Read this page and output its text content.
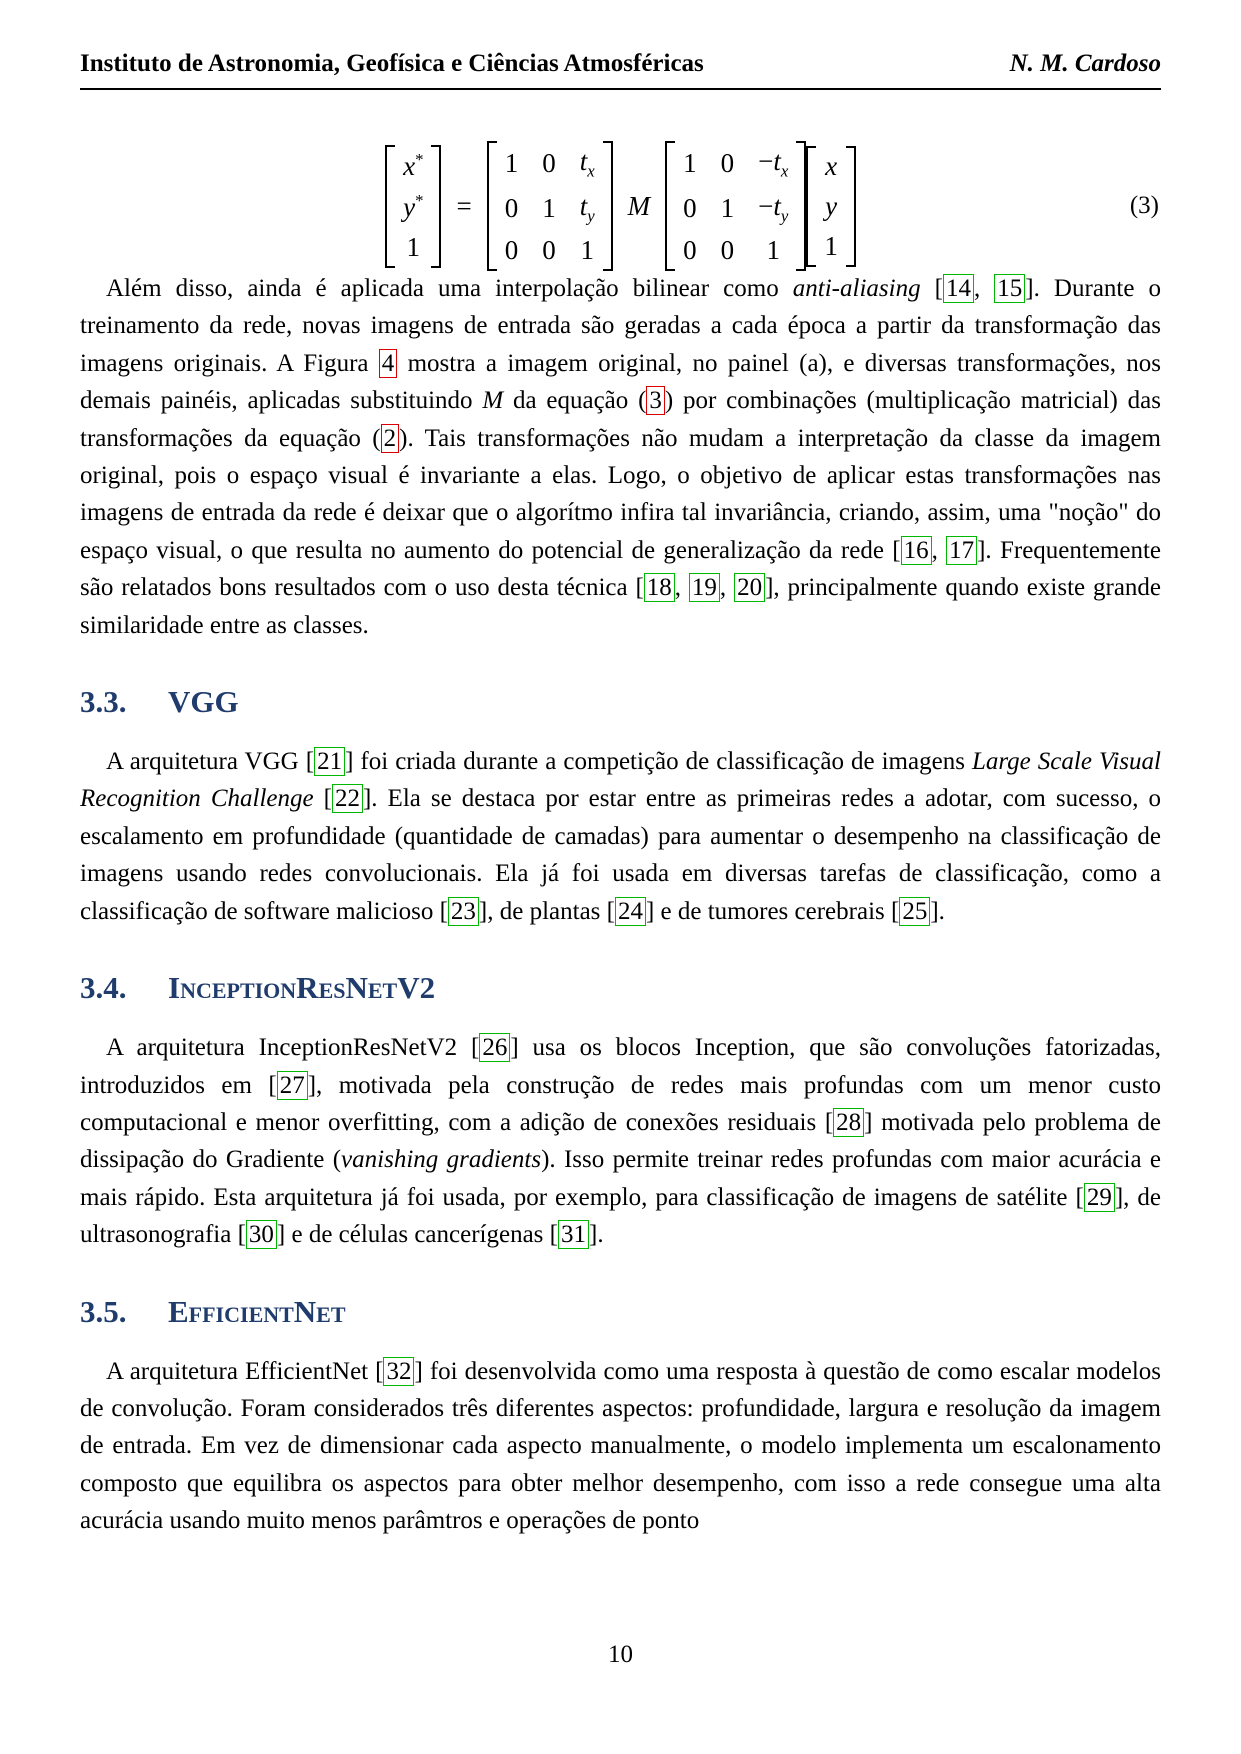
Instituto de Astronomia, Geofísica e Ciências Atmosféricas	N. M. Cardoso
x*
y*
1
=
1 0 $t_x$
0 1 $t_y$
0 0 1
M
1 $0 -t_x$
0 $1 -t_y$
0 0 1
x
y
1
(3)

Além disso, ainda é aplicada uma interpolação bilinear como anti-aliasing [ 14 , 15 ]. Durante o treinamento da rede, novas imagens de entrada são geradas a cada época a partir da transformação das imagens originais. A Figura 4 mostra a imagem original, no painel (a), e diversas transformações, nos demais painéis, aplicadas substituindo M da equação ( 3 ) por combinações (multiplicação matricial) das transformações da equação ( 2 ). Tais transformações não mudam a interpretação da classe da imagem original, pois o espaço visual é invariante a elas. Logo, o objetivo de aplicar estas transformações nas imagens de entrada da rede é deixar que o algorítmo infira tal invariância, criando, assim, uma "noção" do espaço visual, o que resulta no aumento do potencial de generalização da rede [ 16 , 17 ]. Frequentemente são relatados bons resultados com o uso desta técnica [ 18 , 19 , 20 ], principalmente quando existe grande similaridade entre as classes.

3.3. VGG

A arquitetura VGG [ 21 ] foi criada durante a competição de classificação de imagens Large Scale Visual Recognition Challenge [ 22 ]. Ela se destaca por estar entre as primeiras redes a adotar, com sucesso, o escalamento em profundidade (quantidade de camadas) para aumentar o desempenho na classificação de imagens usando redes convolucionais. Ela já foi usada em diversas tarefas de classificação, como a classificação de software malicioso [ 23 ], de plantas [ 24 ] e de tumores cerebrais [ 25 ].

3.4. InceptionResNetV2

A arquitetura InceptionResNetV2 [ 26 ] usa os blocos Inception, que são convoluções fatorizadas, introduzidos em [ 27 ], motivada pela construção de redes mais profundas com um menor custo computacional e menor overfitting, com a adição de conexões residuais [ 28 ] motivada pelo problema de dissipação do Gradiente (vanishing gradients). Isso permite treinar redes profundas com maior acurácia e mais rápido. Esta arquitetura já foi usada, por exemplo, para classificação de imagens de satélite [ 29 ], de ultrasonografia [ 30 ] e de células cancerígenas [ 31 ].

3.5. EfficientNet

A arquitetura EfficientNet [ 32 ] foi desenvolvida como uma resposta à questão de como escalar modelos de convolução. Foram considerados três diferentes aspectos: profundidade, largura e resolução da imagem de entrada. Em vez de dimensionar cada aspecto manualmente, o modelo implementa um escalonamento composto que equilibra os aspectos para obter melhor desempenho, com isso a rede consegue uma alta acurácia usando muito menos parâmtros e operações de ponto

10
